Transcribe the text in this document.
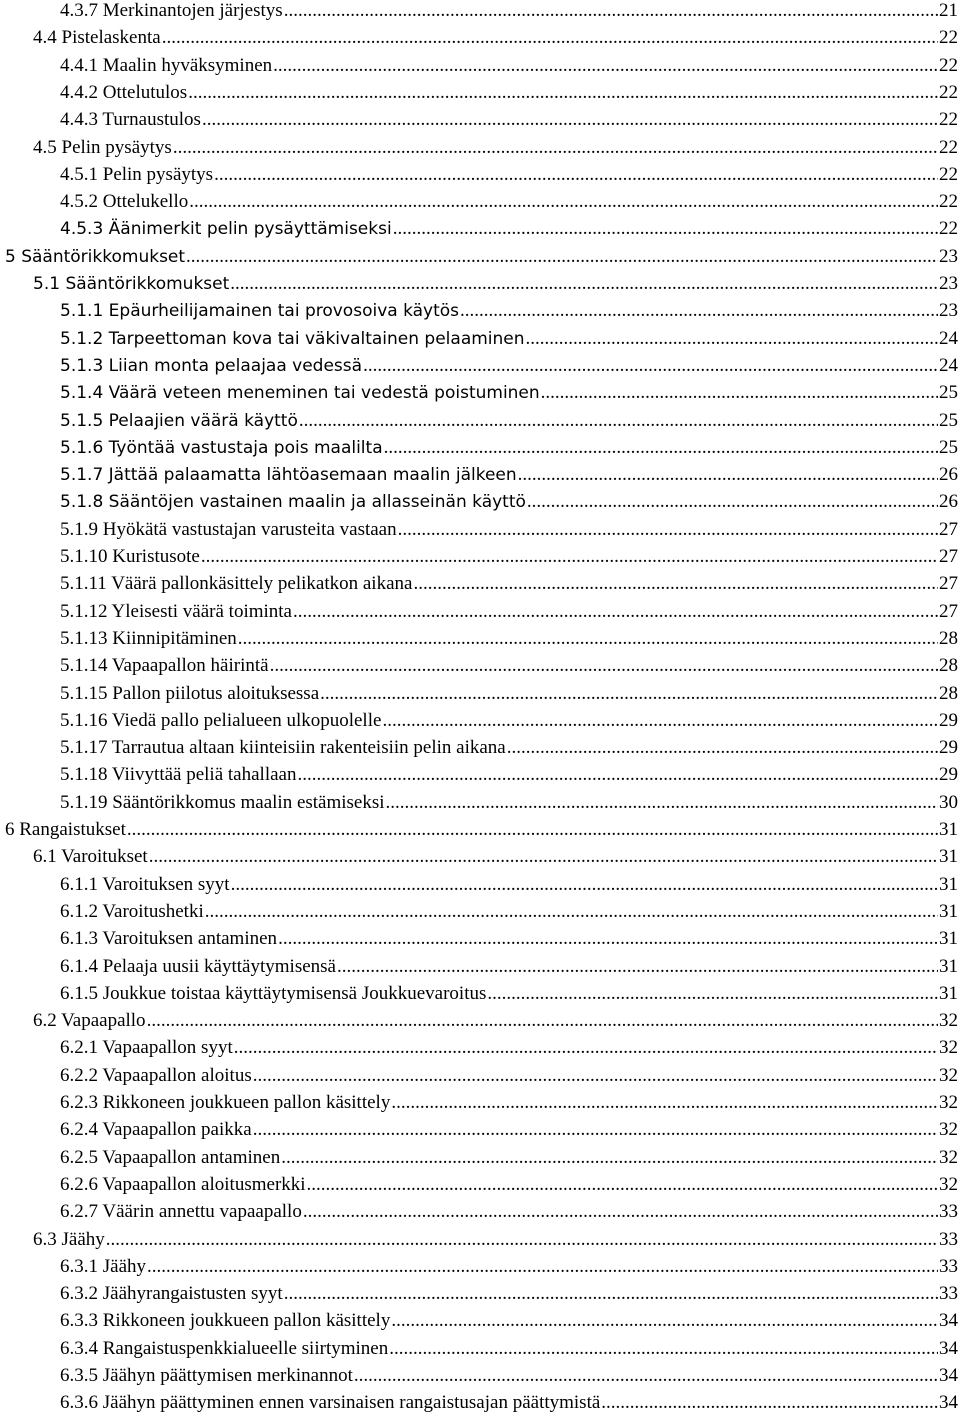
4.3.7 Merkinantojen järjestys .....	21
4.4 Pistelaskenta .....	22
4.4.1 Maalin hyväksyminen .....	22
4.4.2 Ottelutulos .....	22
4.4.3 Turnaustulos .....	22
4.5 Pelin pysäytys .....	22
4.5.1 Pelin pysäytys .....	22
4.5.2 Ottelukello .....	22
4.5.3 Äänimerkit pelin pysäyttämiseksi .....	22
5 Sääntörikkomukset .....	23
5.1 Sääntörikkomukset .....	23
5.1.1 Epäurheilijamainen tai provosoiva käytös .....	23
5.1.2 Tarpeettoman kova tai väkivaltainen pelaaminen .....	24
5.1.3 Liian monta pelaajaa vedessä .....	24
5.1.4 Väärä veteen meneminen tai vedestä poistuminen .....	25
5.1.5 Pelaajien väärä käyttö .....	25
5.1.6 Työntää vastustaja pois maalilta .....	25
5.1.7 Jättää palaamatta lähtöasemaan maalin jälkeen .....	26
5.1.8 Sääntöjen vastainen maalin ja allasseinän käyttö .....	26
5.1.9 Hyökätä vastustajan varusteita vastaan .....	27
5.1.10 Kuristusote .....	27
5.1.11 Väärä pallonkäsittely pelikatkon aikana .....	27
5.1.12 Yleisesti väärä toiminta .....	27
5.1.13 Kiinnipitäminen .....	28
5.1.14 Vapaapallon häirintä .....	28
5.1.15 Pallon piilotus aloituksessa .....	28
5.1.16 Viedä pallo pelialueen ulkopuolelle .....	29
5.1.17 Tarrautua altaan kiinteisiin rakenteisiin pelin aikana .....	29
5.1.18 Viivyttää peliä tahallaan .....	29
5.1.19 Sääntörikkomus maalin estämiseksi .....	30
6 Rangaistukset .....	31
6.1 Varoitukset .....	31
6.1.1 Varoituksen syyt .....	31
6.1.2 Varoitushetki .....	31
6.1.3 Varoituksen antaminen .....	31
6.1.4 Pelaaja uusii käyttäytymisensä .....	31
6.1.5 Joukkue toistaa käyttäytymisensä Joukkuevaroitus .....	31
6.2 Vapaapallo .....	32
6.2.1 Vapaapallon syyt .....	32
6.2.2 Vapaapallon aloitus .....	32
6.2.3 Rikkoneen joukkueen pallon käsittely .....	32
6.2.4 Vapaapallon paikka .....	32
6.2.5 Vapaapallon antaminen .....	32
6.2.6 Vapaapallon aloitusmerkki .....	32
6.2.7 Väärin annettu vapaapallo .....	33
6.3 Jäähy .....	33
6.3.1 Jäähy .....	33
6.3.2 Jäähyrangaistusten syyt .....	33
6.3.3 Rikkoneen joukkueen pallon käsittely .....	34
6.3.4 Rangaistuspenkkialueelle siirtyminen .....	34
6.3.5 Jäähyn päättymisen merkinannot .....	34
6.3.6 Jäähyn päättyminen ennen varsinaisen rangaistusajan päättymistä .....	34
